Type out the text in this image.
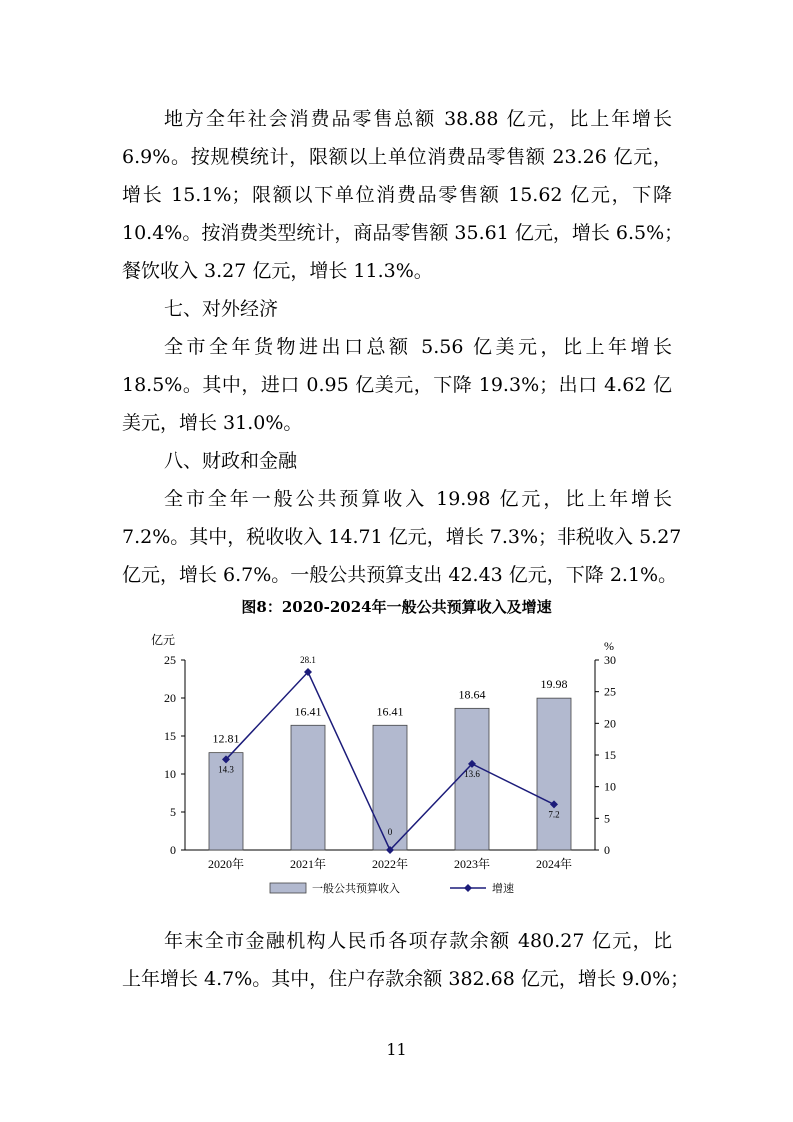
地方全年社会消费品零售总额 38.88 亿元，比上年增长
6.9%。按规模统计，限额以上单位消费品零售额 23.26 亿元，
增长 15.1%；限额以下单位消费品零售额 15.62 亿元，下降
10.4%。按消费类型统计，商品零售额 35.61 亿元，增长 6.5%；
餐饮收入 3.27 亿元，增长 11.3%。
七、对外经济
全市全年货物进出口总额 5.56 亿美元，比上年增长
18.5%。其中，进口 0.95 亿美元，下降 19.3%；出口 4.62 亿
美元，增长 31.0%。
八、财政和金融
全市全年一般公共预算收入 19.98 亿元，比上年增长
7.2%。其中，税收收入 14.71 亿元，增长 7.3%；非税收入 5.27
亿元，增长 6.7%。一般公共预算支出 42.43 亿元，下降 2.1%。
图8：2020-2024年一般公共预算收入及增速
亿元	%
0
5
10
15
20
25
0
5
10
15
20
25
30
12.81
2020年
16.41
2021年
16.41
2022年
18.64
2023年
19.98
2024年
14.3
28.1
0
13.6
7.2
一般公共预算收入	增速
年末全市金融机构人民币各项存款余额 480.27 亿元，比
上年增长 4.7%。其中，住户存款余额 382.68 亿元，增长 9.0%；
11
